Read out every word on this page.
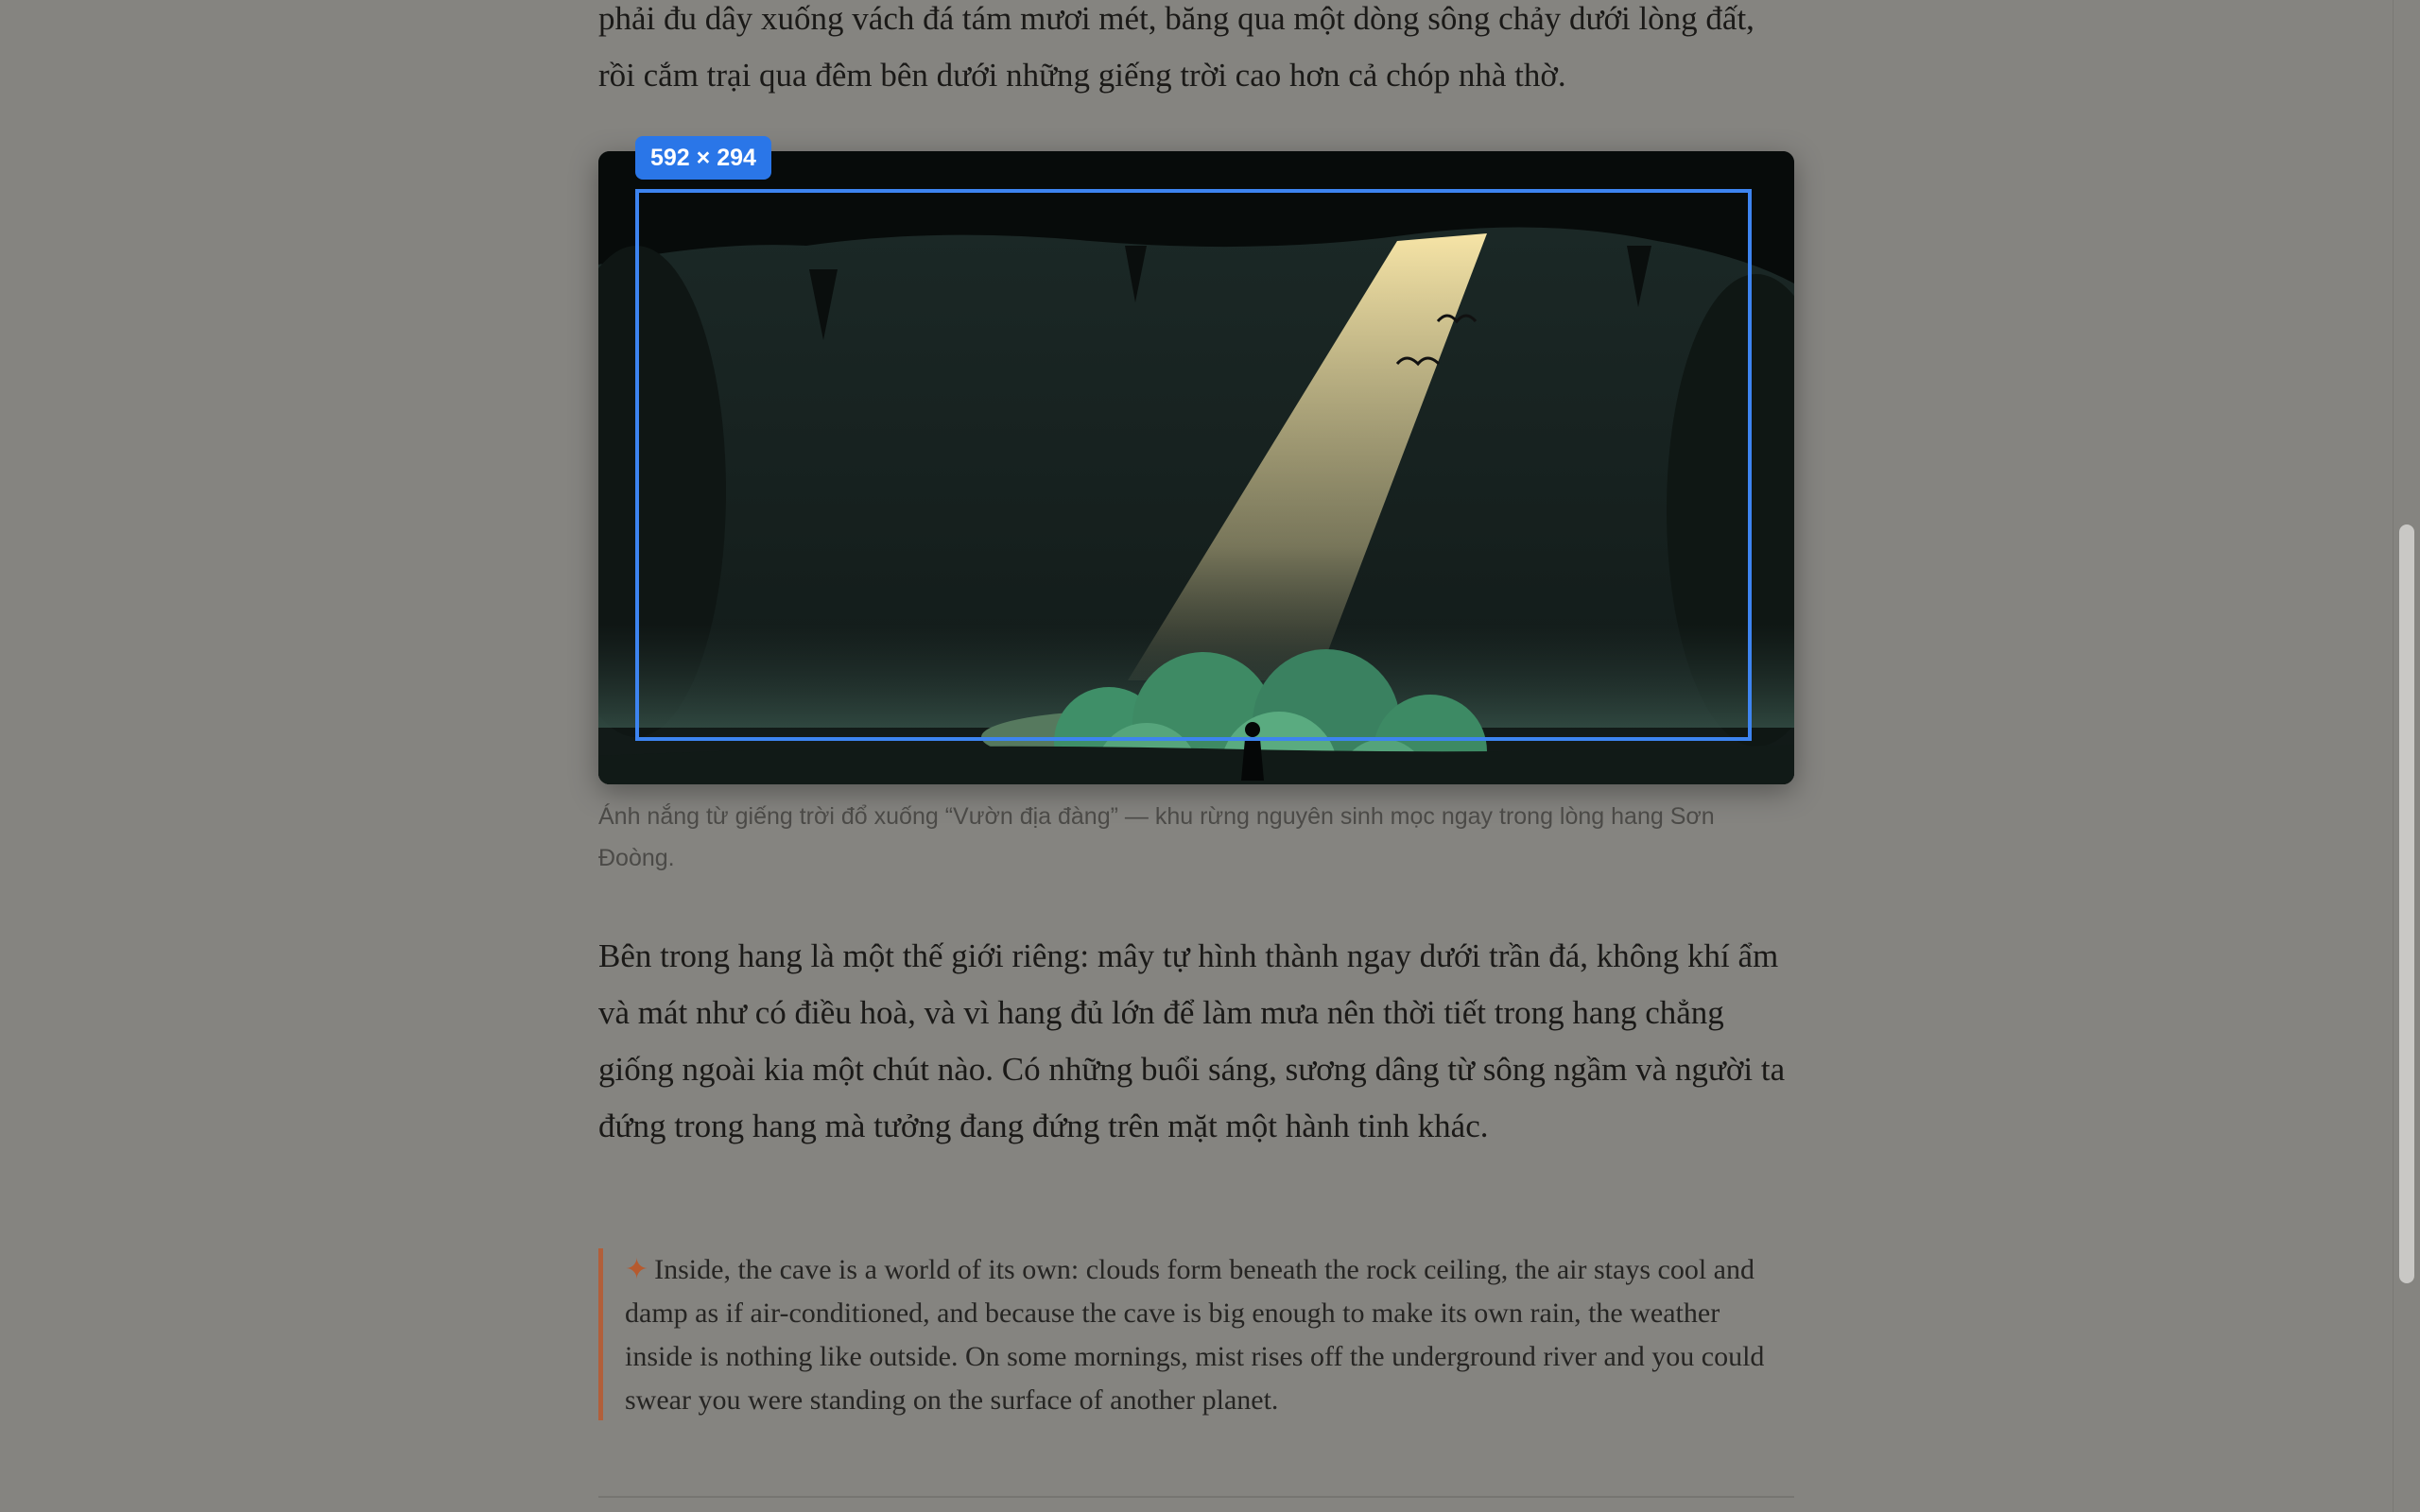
phải đu dây xuống vách đá tám mươi mét, băng qua một dòng sông chảy dưới lòng đất, rồi cắm trại qua đêm bên dưới những giếng trời cao hơn cả chóp nhà thờ.

592 × 294

Ánh nắng từ giếng trời đổ xuống “Vườn địa đàng” — khu rừng nguyên sinh mọc ngay trong lòng hang Sơn Đoòng.

Bên trong hang là một thế giới riêng: mây tự hình thành ngay dưới trần đá, không khí ẩm và mát như có điều hoà, và vì hang đủ lớn để làm mưa nên thời tiết trong hang chẳng giống ngoài kia một chút nào. Có những buổi sáng, sương dâng từ sông ngầm và người ta đứng trong hang mà tưởng đang đứng trên mặt một hành tinh khác.

✦ Inside, the cave is a world of its own: clouds form beneath the rock ceiling, the air stays cool and damp as if air-conditioned, and because the cave is big enough to make its own rain, the weather inside is nothing like outside. On some mornings, mist rises off the underground river and you could swear you were standing on the surface of another planet.
